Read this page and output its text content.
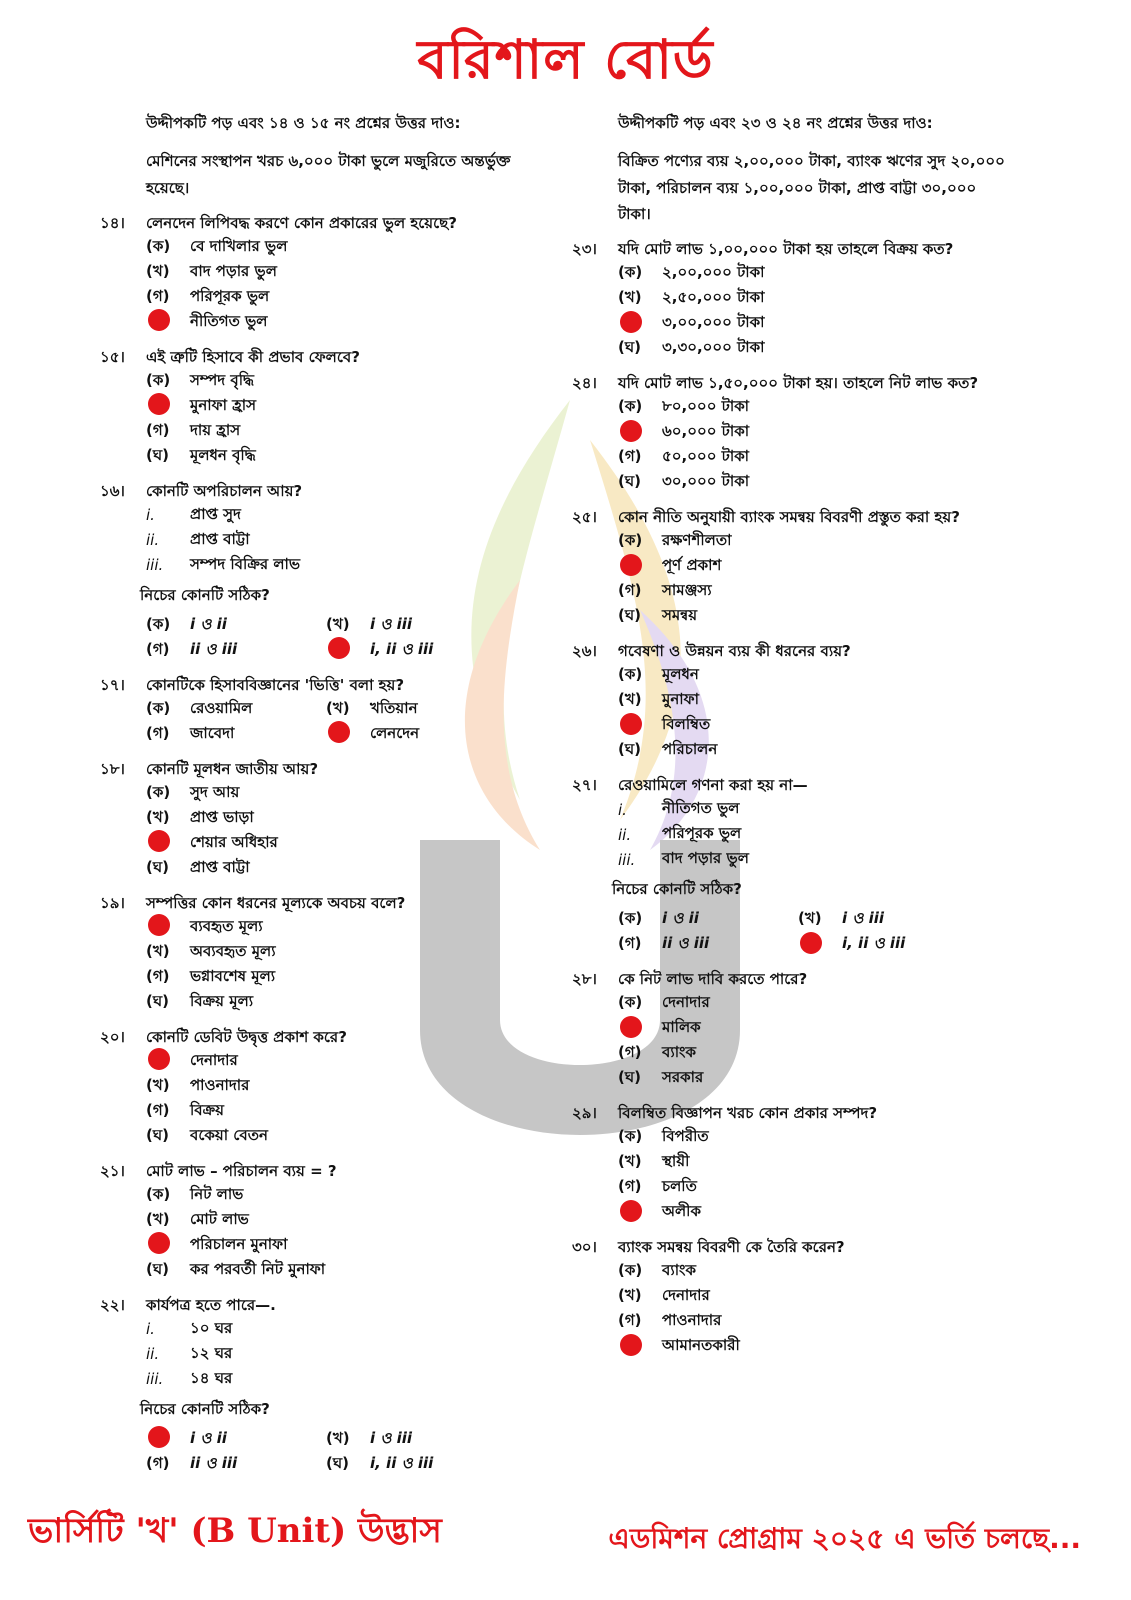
বরিশাল বোর্ড
উদ্দীপকটি পড় এবং ১৪ ও ১৫ নং প্রশ্নের উত্তর দাও:
মেশিনের সংস্থাপন খরচ ৬,০০০ টাকা ভুলে মজুরিতে অন্তর্ভুক্ত হয়েছে।
১৪।	লেনদেন লিপিবদ্ধ করণে কোন প্রকারের ভুল হয়েছে?
(ক)	বে দাখিলার ভুল
(খ)	বাদ পড়ার ভুল
(গ)	পরিপূরক ভুল
নীতিগত ভুল
১৫।	এই ত্রুটি হিসাবে কী প্রভাব ফেলবে?
(ক)	সম্পদ বৃদ্ধি
মুনাফা হ্রাস
(গ)	দায় হ্রাস
(ঘ)	মূলধন বৃদ্ধি
১৬।	কোনটি অপরিচালন আয়?
i.	প্রাপ্ত সুদ
ii.	প্রাপ্ত বাট্টা
iii.	সম্পদ বিক্রির লাভ
নিচের কোনটি সঠিক?
(ক)	i ও ii	(খ)	i ও iii
(গ)	ii ও iii	i, ii ও iii
১৭।	কোনটিকে হিসাববিজ্ঞানের 'ভিত্তি' বলা হয়?
(ক)	রেওয়ামিল	(খ)	খতিয়ান
(গ)	জাবেদা	লেনদেন
১৮।	কোনটি মূলধন জাতীয় আয়?
(ক)	সুদ আয়
(খ)	প্রাপ্ত ভাড়া
শেয়ার অধিহার
(ঘ)	প্রাপ্ত বাট্টা
১৯।	সম্পত্তির কোন ধরনের মূল্যকে অবচয় বলে?
ব্যবহৃত মূল্য
(খ)	অব্যবহৃত মূল্য
(গ)	ভগ্নাবশেষ মূল্য
(ঘ)	বিক্রয় মূল্য
২০।	কোনটি ডেবিট উদ্বৃত্ত প্রকাশ করে?
দেনাদার
(খ)	পাওনাদার
(গ)	বিক্রয়
(ঘ)	বকেয়া বেতন
২১।	মোট লাভ – পরিচালন ব্যয় = ?
(ক)	নিট লাভ
(খ)	মোট লাভ
পরিচালন মুনাফা
(ঘ)	কর পরবর্তী নিট মুনাফা
২২।	কার্যপত্র হতে পারে—.
i.	১০ ঘর
ii.	১২ ঘর
iii.	১৪ ঘর
নিচের কোনটি সঠিক?
i ও ii	(খ)	i ও iii
(গ)	ii ও iii	(ঘ)	i, ii ও iii
উদ্দীপকটি পড় এবং ২৩ ও ২৪ নং প্রশ্নের উত্তর দাও:
বিক্রিত পণ্যের ব্যয় ২,০০,০০০ টাকা, ব্যাংক ঋণের সুদ ২০,০০০ টাকা, পরিচালন ব্যয় ১,০০,০০০ টাকা, প্রাপ্ত বাট্টা ৩০,০০০ টাকা।
২৩।	যদি মোট লাভ ১,০০,০০০ টাকা হয় তাহলে বিক্রয় কত?
(ক)	২,০০,০০০ টাকা
(খ)	২,৫০,০০০ টাকা
৩,০০,০০০ টাকা
(ঘ)	৩,৩০,০০০ টাকা
২৪।	যদি মোট লাভ ১,৫০,০০০ টাকা হয়। তাহলে নিট লাভ কত?
(ক)	৮০,০০০ টাকা
৬০,০০০ টাকা
(গ)	৫০,০০০ টাকা
(ঘ)	৩০,০০০ টাকা
২৫।	কোন নীতি অনুযায়ী ব্যাংক সমন্বয় বিবরণী প্রস্তুত করা হয়?
(ক)	রক্ষণশীলতা
পূর্ণ প্রকাশ
(গ)	সামঞ্জস্য
(ঘ)	সমন্বয়
২৬।	গবেষণা ও উন্নয়ন ব্যয় কী ধরনের ব্যয়?
(ক)	মূলধন
(খ)	মুনাফা
বিলম্বিত
(ঘ)	পরিচালন
২৭।	রেওয়ামিলে গণনা করা হয় না—
i.	নীতিগত ভুল
ii.	পরিপূরক ভুল
iii.	বাদ পড়ার ভুল
নিচের কোনটি সঠিক?
(ক)	i ও ii	(খ)	i ও iii
(গ)	ii ও iii	i, ii ও iii
২৮।	কে নিট লাভ দাবি করতে পারে?
(ক)	দেনাদার
মালিক
(গ)	ব্যাংক
(ঘ)	সরকার
২৯।	বিলম্বিত বিজ্ঞাপন খরচ কোন প্রকার সম্পদ?
(ক)	বিপরীত
(খ)	স্থায়ী
(গ)	চলতি
অলীক
৩০।	ব্যাংক সমন্বয় বিবরণী কে তৈরি করেন?
(ক)	ব্যাংক
(খ)	দেনাদার
(গ)	পাওনাদার
আমানতকারী
ভার্সিটি 'খ' (B Unit) উদ্ভাস	এডমিশন প্রোগ্রাম ২০২৫ এ ভর্তি চলছে...
